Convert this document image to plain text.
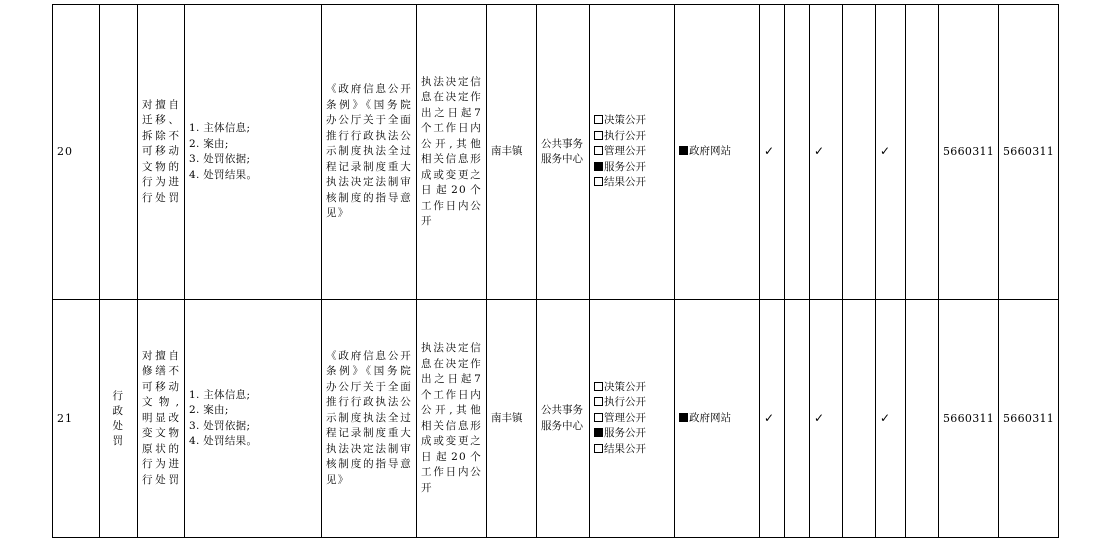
20		对擅自迁移、拆除不可移动文物的行为进行处罚	1. 主体信息;
2. 案由;
3. 处罚依据;
4. 处罚结果。	《政府信息公开条例》《国务院办公厅关于全面推行行政执法公示制度执法全过程记录制度重大执法决定法制审核制度的指导意见》	执法决定信息在决定作出之日起7个工作日内公开,其他相关信息形成或变更之日起20个工作日内公开	南丰镇	公共事务服务中心	决策公开
执行公开
管理公开
服务公开
结果公开	政府网站	✓		✓		✓		5660311	5660311
21	行政处罚	对擅自修缮不可移动文物,明显改变文物原状的行为进行处罚	1. 主体信息;
2. 案由;
3. 处罚依据;
4. 处罚结果。	《政府信息公开条例》《国务院办公厅关于全面推行行政执法公示制度执法全过程记录制度重大执法决定法制审核制度的指导意见》	执法决定信息在决定作出之日起7个工作日内公开,其他相关信息形成或变更之日起20个工作日内公开	南丰镇	公共事务服务中心	决策公开
执行公开
管理公开
服务公开
结果公开	政府网站	✓		✓		✓		5660311	5660311
